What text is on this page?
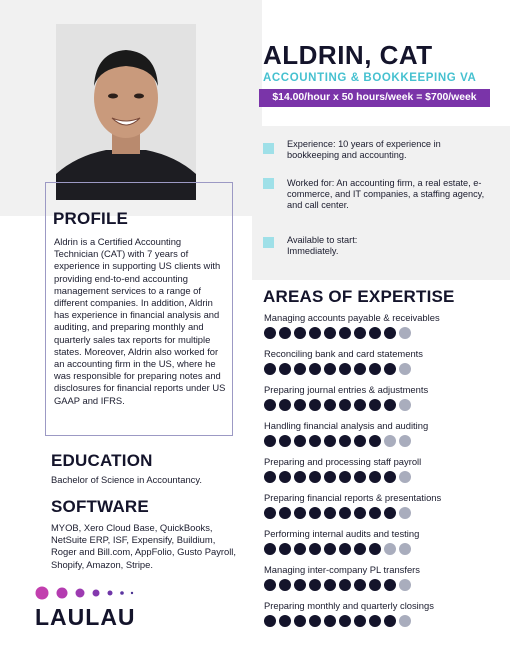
PROFILE

Aldrin is a Certified Accounting Technician (CAT) with 7 years of experience in supporting US clients with providing end-to-end accounting management services to a range of different companies. In addition, Aldrin has experience in financial analysis and auditing, and preparing monthly and quarterly sales tax reports for multiple states. Moreover, Aldrin also worked for an accounting firm in the US, where he was responsible for preparing notes and disclosures for financial reports under US GAAP and IFRS.

EDUCATION

Bachelor of Science in Accountancy.

SOFTWARE

MYOB, Xero Cloud Base, QuickBooks, NetSuite ERP, ISF, Expensify, Buildium, Roger and Bill.com, AppFolio, Gusto Payroll, Shopify, Amazon, Stripe.

ALDRIN, CAT
ACCOUNTING & BOOKKEEPING VA
$14.00/hour x 50 hours/week = $700/week
Experience: 10 years of experience in bookkeeping and accounting.
Worked for: An accounting firm, a real estate, e-commerce, and IT companies, a staffing agency, and call center.
Available to start: Immediately.
AREAS OF EXPERTISE
Managing accounts payable & receivables
Reconciling bank and card statements
Preparing journal entries & adjustments
Handling financial analysis and auditing
Preparing and processing staff payroll
Preparing financial reports & presentations
Performing internal audits and testing
Managing inter-company PL transfers
Preparing monthly and quarterly closings
LAULAU
